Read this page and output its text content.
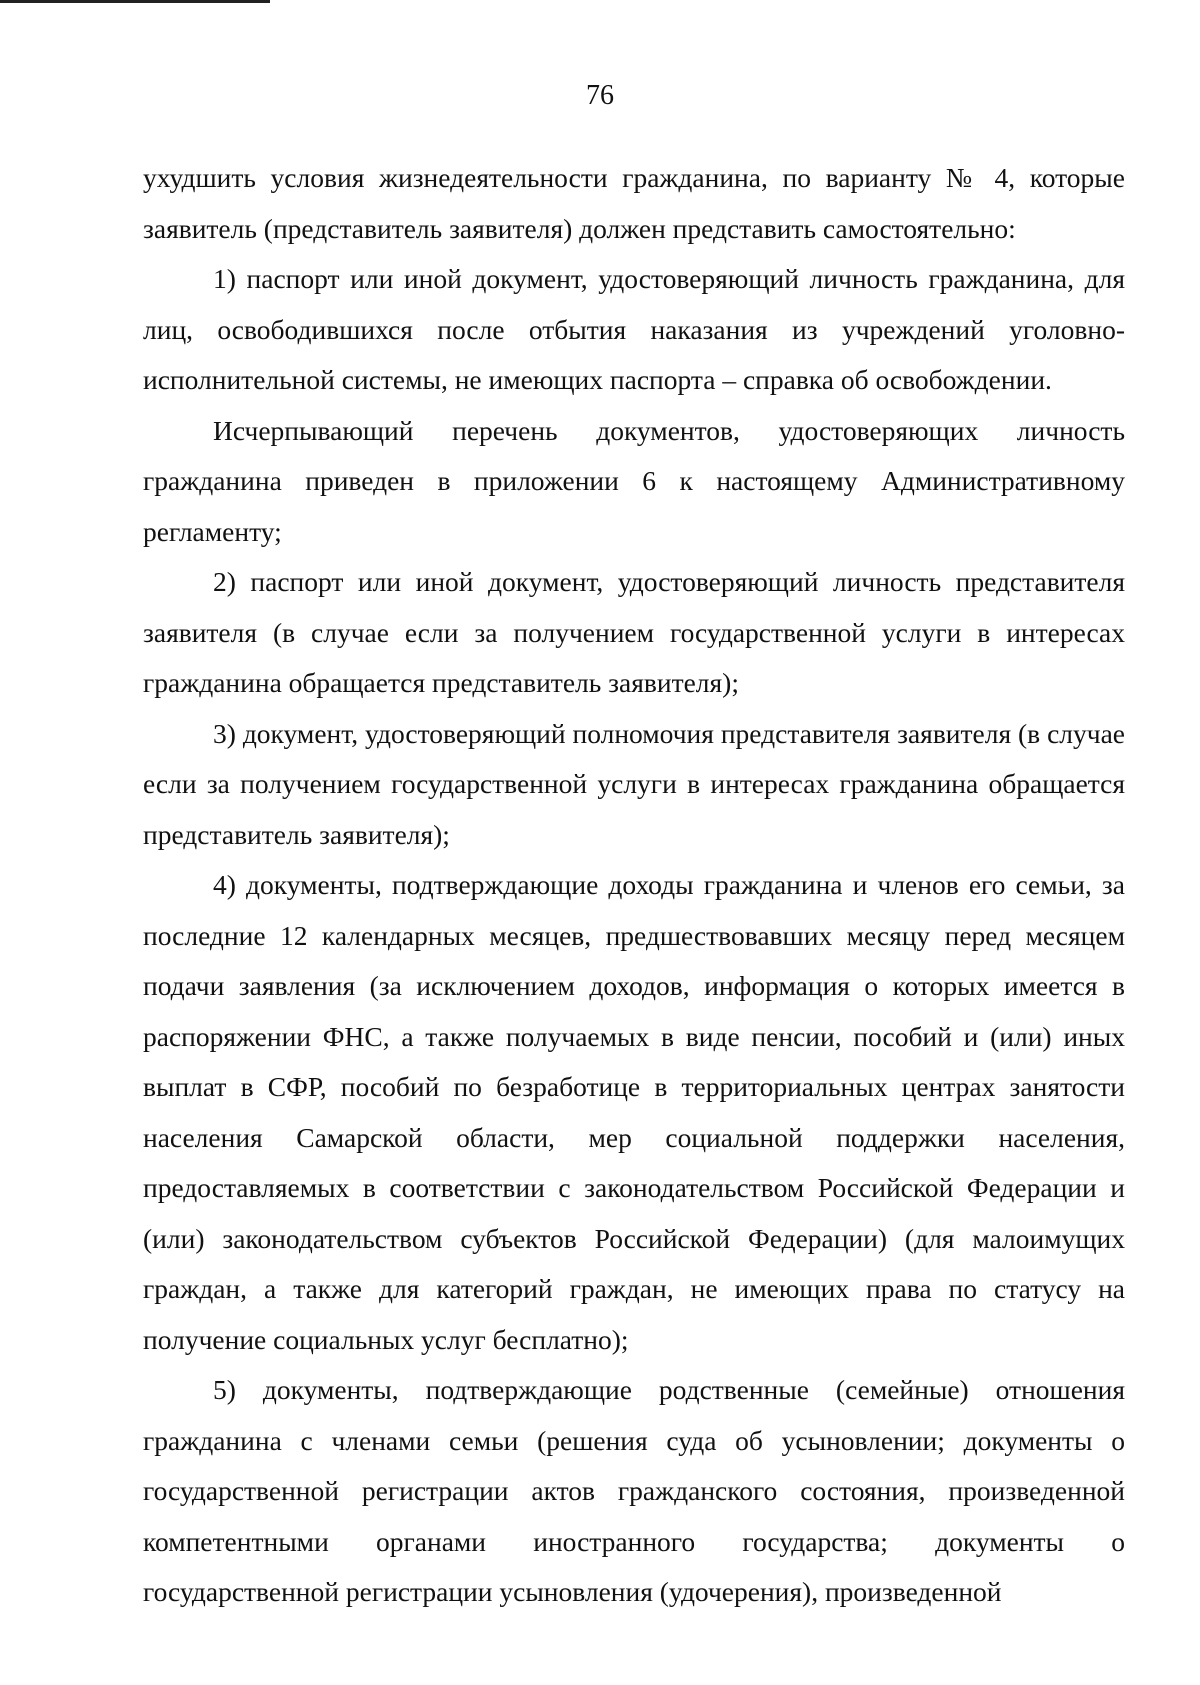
76

ухудшить условия жизнедеятельности гражданина, по варианту № 4, которые заявитель (представитель заявителя) должен представить самостоятельно:

1) паспорт или иной документ, удостоверяющий личность гражданина, для лиц, освободившихся после отбытия наказания из учреждений уголовно-исполнительной системы, не имеющих паспорта – справка об освобождении.

Исчерпывающий перечень документов, удостоверяющих личность гражданина приведен в приложении 6 к настоящему Административному регламенту;

2) паспорт или иной документ, удостоверяющий личность представителя заявителя (в случае если за получением государственной услуги в интересах гражданина обращается представитель заявителя);

3) документ, удостоверяющий полномочия представителя заявителя (в случае если за получением государственной услуги в интересах гражданина обращается представитель заявителя);

4) документы, подтверждающие доходы гражданина и членов его семьи, за последние 12 календарных месяцев, предшествовавших месяцу перед месяцем подачи заявления (за исключением доходов, информация о которых имеется в распоряжении ФНС, а также получаемых в виде пенсии, пособий и (или) иных выплат в СФР, пособий по безработице в территориальных центрах занятости населения Самарской области, мер социальной поддержки населения, предоставляемых в соответствии с законодательством Российской Федерации и (или) законодательством субъектов Российской Федерации) (для малоимущих граждан, а также для категорий граждан, не имеющих права по статусу на получение социальных услуг бесплатно);

5) документы, подтверждающие родственные (семейные) отношения гражданина с членами семьи (решения суда об усыновлении; документы о государственной регистрации актов гражданского состояния, произведенной компетентными органами иностранного государства; документы о государственной регистрации усыновления (удочерения), произведенной
